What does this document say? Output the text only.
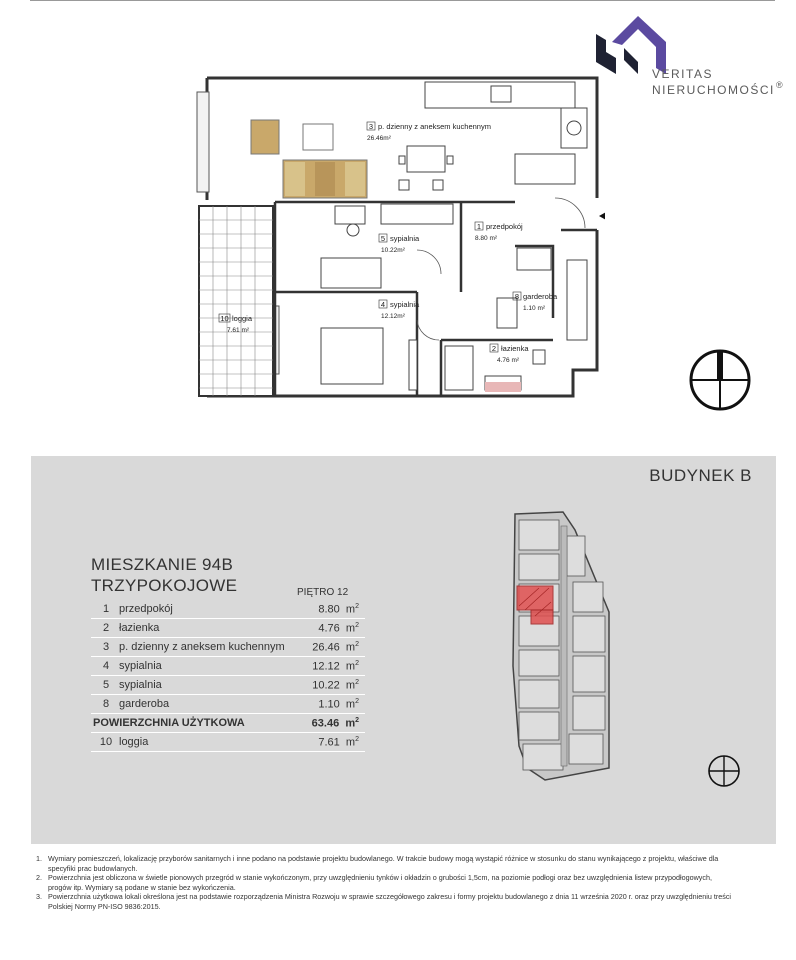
VERITAS
NIERUCHOMOŚCI ®
3 p. dzienny z aneksem kuchennym
26.46m²
5 sypialnia
10.22m²
1 przedpokój
8.80 m²
8 garderoba
1.10 m²
10 loggia
7.61 m²
4 sypialnia
12.12m²
2 łazienka
4.76 m²
BUDYNEK B
MIESZKANIE 94B
TRZYPOKOJOWE	PIĘTRO 12
1 przedpokój	8.80 $m^2$
2 łazienka	4.76 $m^2$
3 p. dzienny z aneksem kuchennym	26.46 $m^2$
4 sypialnia	12.12 $m^2$
5 sypialnia	10.22 $m^2$
8 garderoba	1.10 $m^2$
POWIERZCHNIA UŻYTKOWA	63.46 $m^2$
10 loggia	7.61 $m^2$
1. Wymiary pomieszczeń, lokalizację przyborów sanitarnych i inne podano na podstawie projektu budowlanego. W trakcie budowy mogą wystąpić różnice w stosunku do stanu wynikającego z projektu, właściwe dla specyfiki prac budowlanych.
2. Powierzchnia jest obliczona w świetle pionowych przegród w stanie wykończonym, przy uwzględnieniu tynków i okładzin o grubości 1,5cm, na poziomie podłogi oraz bez uwzględnienia listew przypodłogowych, progów itp. Wymiary są podane w stanie bez wykończenia.
3. Powierzchnia użytkowa lokali określona jest na podstawie rozporządzenia Ministra Rozwoju w sprawie szczegółowego zakresu i formy projektu budowlanego z dnia 11 września 2020 r. oraz przy uwzględnieniu treści Polskiej Normy PN-ISO 9836:2015.
